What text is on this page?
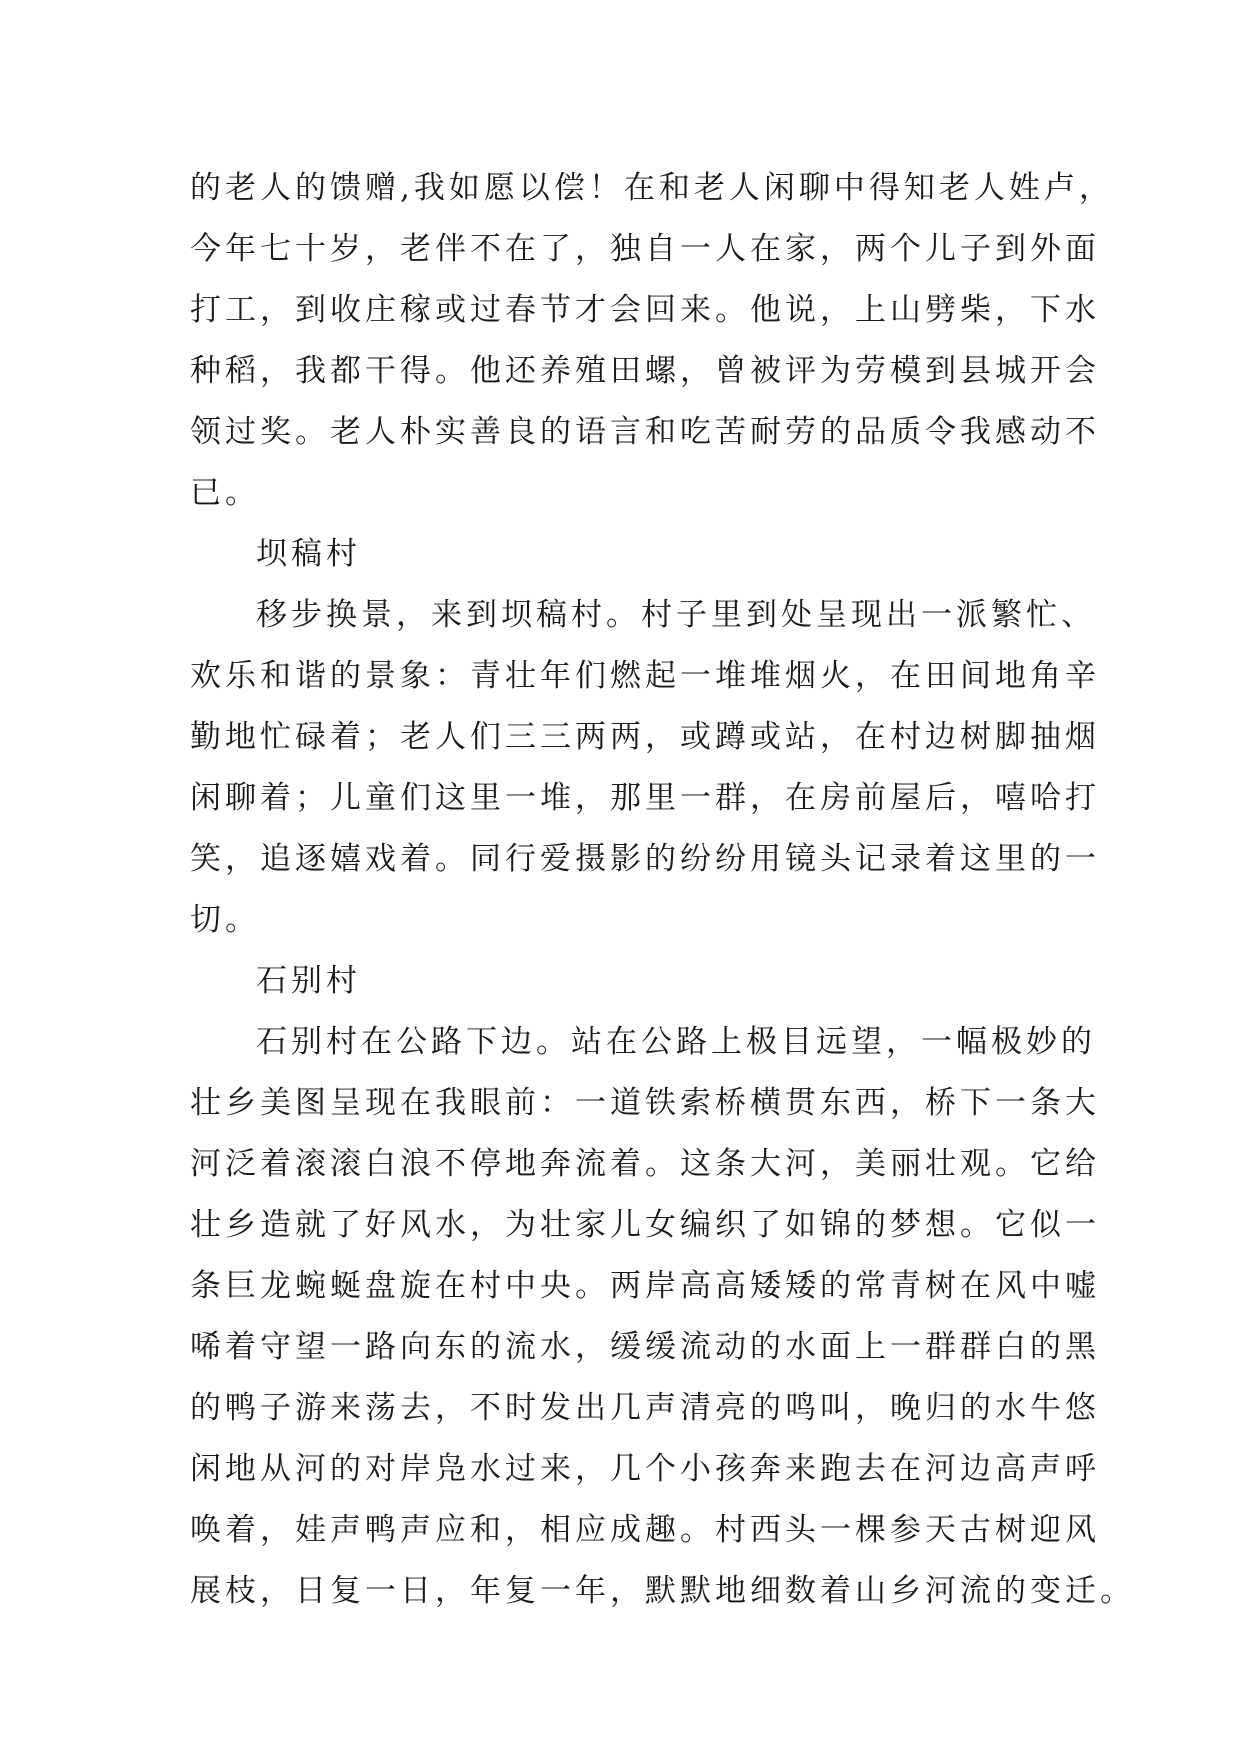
的老人的馈赠,我如愿以偿！在和老人闲聊中得知老人姓卢，
今年七十岁，老伴不在了，独自一人在家，两个儿子到外面
打工，到收庄稼或过春节才会回来。他说，上山劈柴，下水
种稻，我都干得。他还养殖田螺，曾被评为劳模到县城开会
领过奖。老人朴实善良的语言和吃苦耐劳的品质令我感动不
已。
坝稿村
移步换景，来到坝稿村。村子里到处呈现出一派繁忙、
欢乐和谐的景象：青壮年们燃起一堆堆烟火，在田间地角辛
勤地忙碌着；老人们三三两两，或蹲或站，在村边树脚抽烟
闲聊着；儿童们这里一堆，那里一群，在房前屋后，嘻哈打
笑，追逐嬉戏着。同行爱摄影的纷纷用镜头记录着这里的一
切。
石别村
石别村在公路下边。站在公路上极目远望，一幅极妙的
壮乡美图呈现在我眼前：一道铁索桥横贯东西，桥下一条大
河泛着滚滚白浪不停地奔流着。这条大河，美丽壮观。它给
壮乡造就了好风水，为壮家儿女编织了如锦的梦想。它似一
条巨龙蜿蜒盘旋在村中央。两岸高高矮矮的常青树在风中嘘
唏着守望一路向东的流水，缓缓流动的水面上一群群白的黑
的鸭子游来荡去，不时发出几声清亮的鸣叫，晚归的水牛悠
闲地从河的对岸凫水过来，几个小孩奔来跑去在河边高声呼
唤着，娃声鸭声应和，相应成趣。村西头一棵参天古树迎风
展枝，日复一日，年复一年，默默地细数着山乡河流的变迁。
